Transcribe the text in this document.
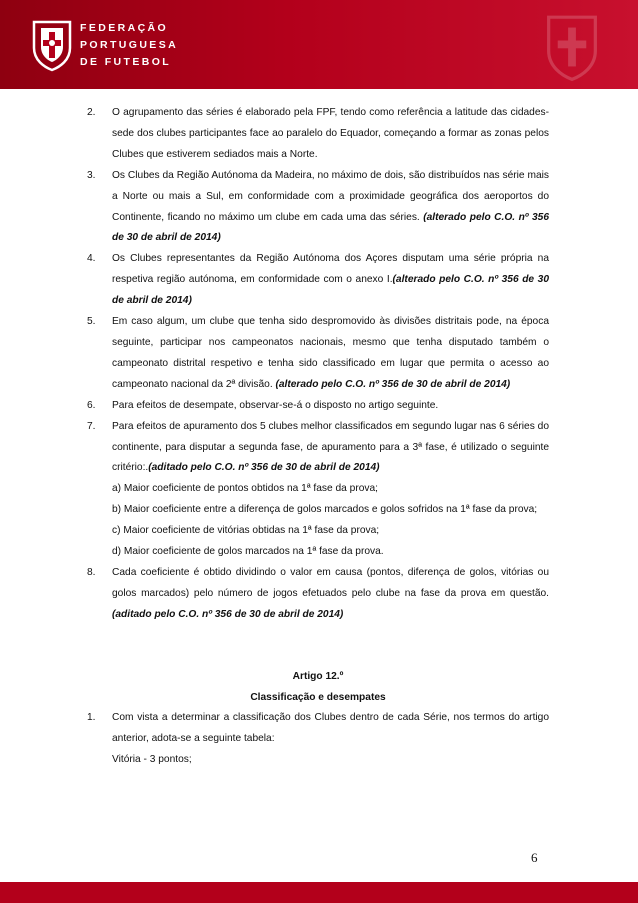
FEDERAÇÃO
PORTUGUESA
DE FUTEBOL
2. O agrupamento das séries é elaborado pela FPF, tendo como referência a latitude das cidades-sede dos clubes participantes face ao paralelo do Equador, começando a formar as zonas pelos Clubes que estiverem sediados mais a Norte.
3. Os Clubes da Região Autónoma da Madeira, no máximo de dois, são distribuídos nas série mais a Norte ou mais a Sul, em conformidade com a proximidade geográfica dos aeroportos do Continente, ficando no máximo um clube em cada uma das séries. (alterado pelo C.O. nº 356 de 30 de abril de 2014)
4. Os Clubes representantes da Região Autónoma dos Açores disputam uma série própria na respetiva região autónoma, em conformidade com o anexo I.(alterado pelo C.O. nº 356 de 30 de abril de 2014)
5. Em caso algum, um clube que tenha sido despromovido às divisões distritais pode, na época seguinte, participar nos campeonatos nacionais, mesmo que tenha disputado também o campeonato distrital respetivo e tenha sido classificado em lugar que permita o acesso ao campeonato nacional da 2ª divisão. (alterado pelo C.O. nº 356 de 30 de abril de 2014)
6. Para efeitos de desempate, observar-se-á o disposto no artigo seguinte.
7. Para efeitos de apuramento dos 5 clubes melhor classificados em segundo lugar nas 6 séries do continente, para disputar a segunda fase, de apuramento para a 3ª fase, é utilizado o seguinte critério:.(aditado pelo C.O. nº 356 de 30 de abril de 2014)
a) Maior coeficiente de pontos obtidos na 1ª fase da prova;
b) Maior coeficiente entre a diferença de golos marcados e golos sofridos na 1ª fase da prova;
c) Maior coeficiente de vitórias obtidas na 1ª fase da prova;
d) Maior coeficiente de golos marcados na 1ª fase da prova.
8. Cada coeficiente é obtido dividindo o valor em causa (pontos, diferença de golos, vitórias ou golos marcados) pelo número de jogos efetuados pelo clube na fase da prova em questão.(aditado pelo C.O. nº 356 de 30 de abril de 2014)
Artigo 12.º
Classificação e desempates
1. Com vista a determinar a classificação dos Clubes dentro de cada Série, nos termos do artigo anterior, adota-se a seguinte tabela:
Vitória - 3 pontos;
6
